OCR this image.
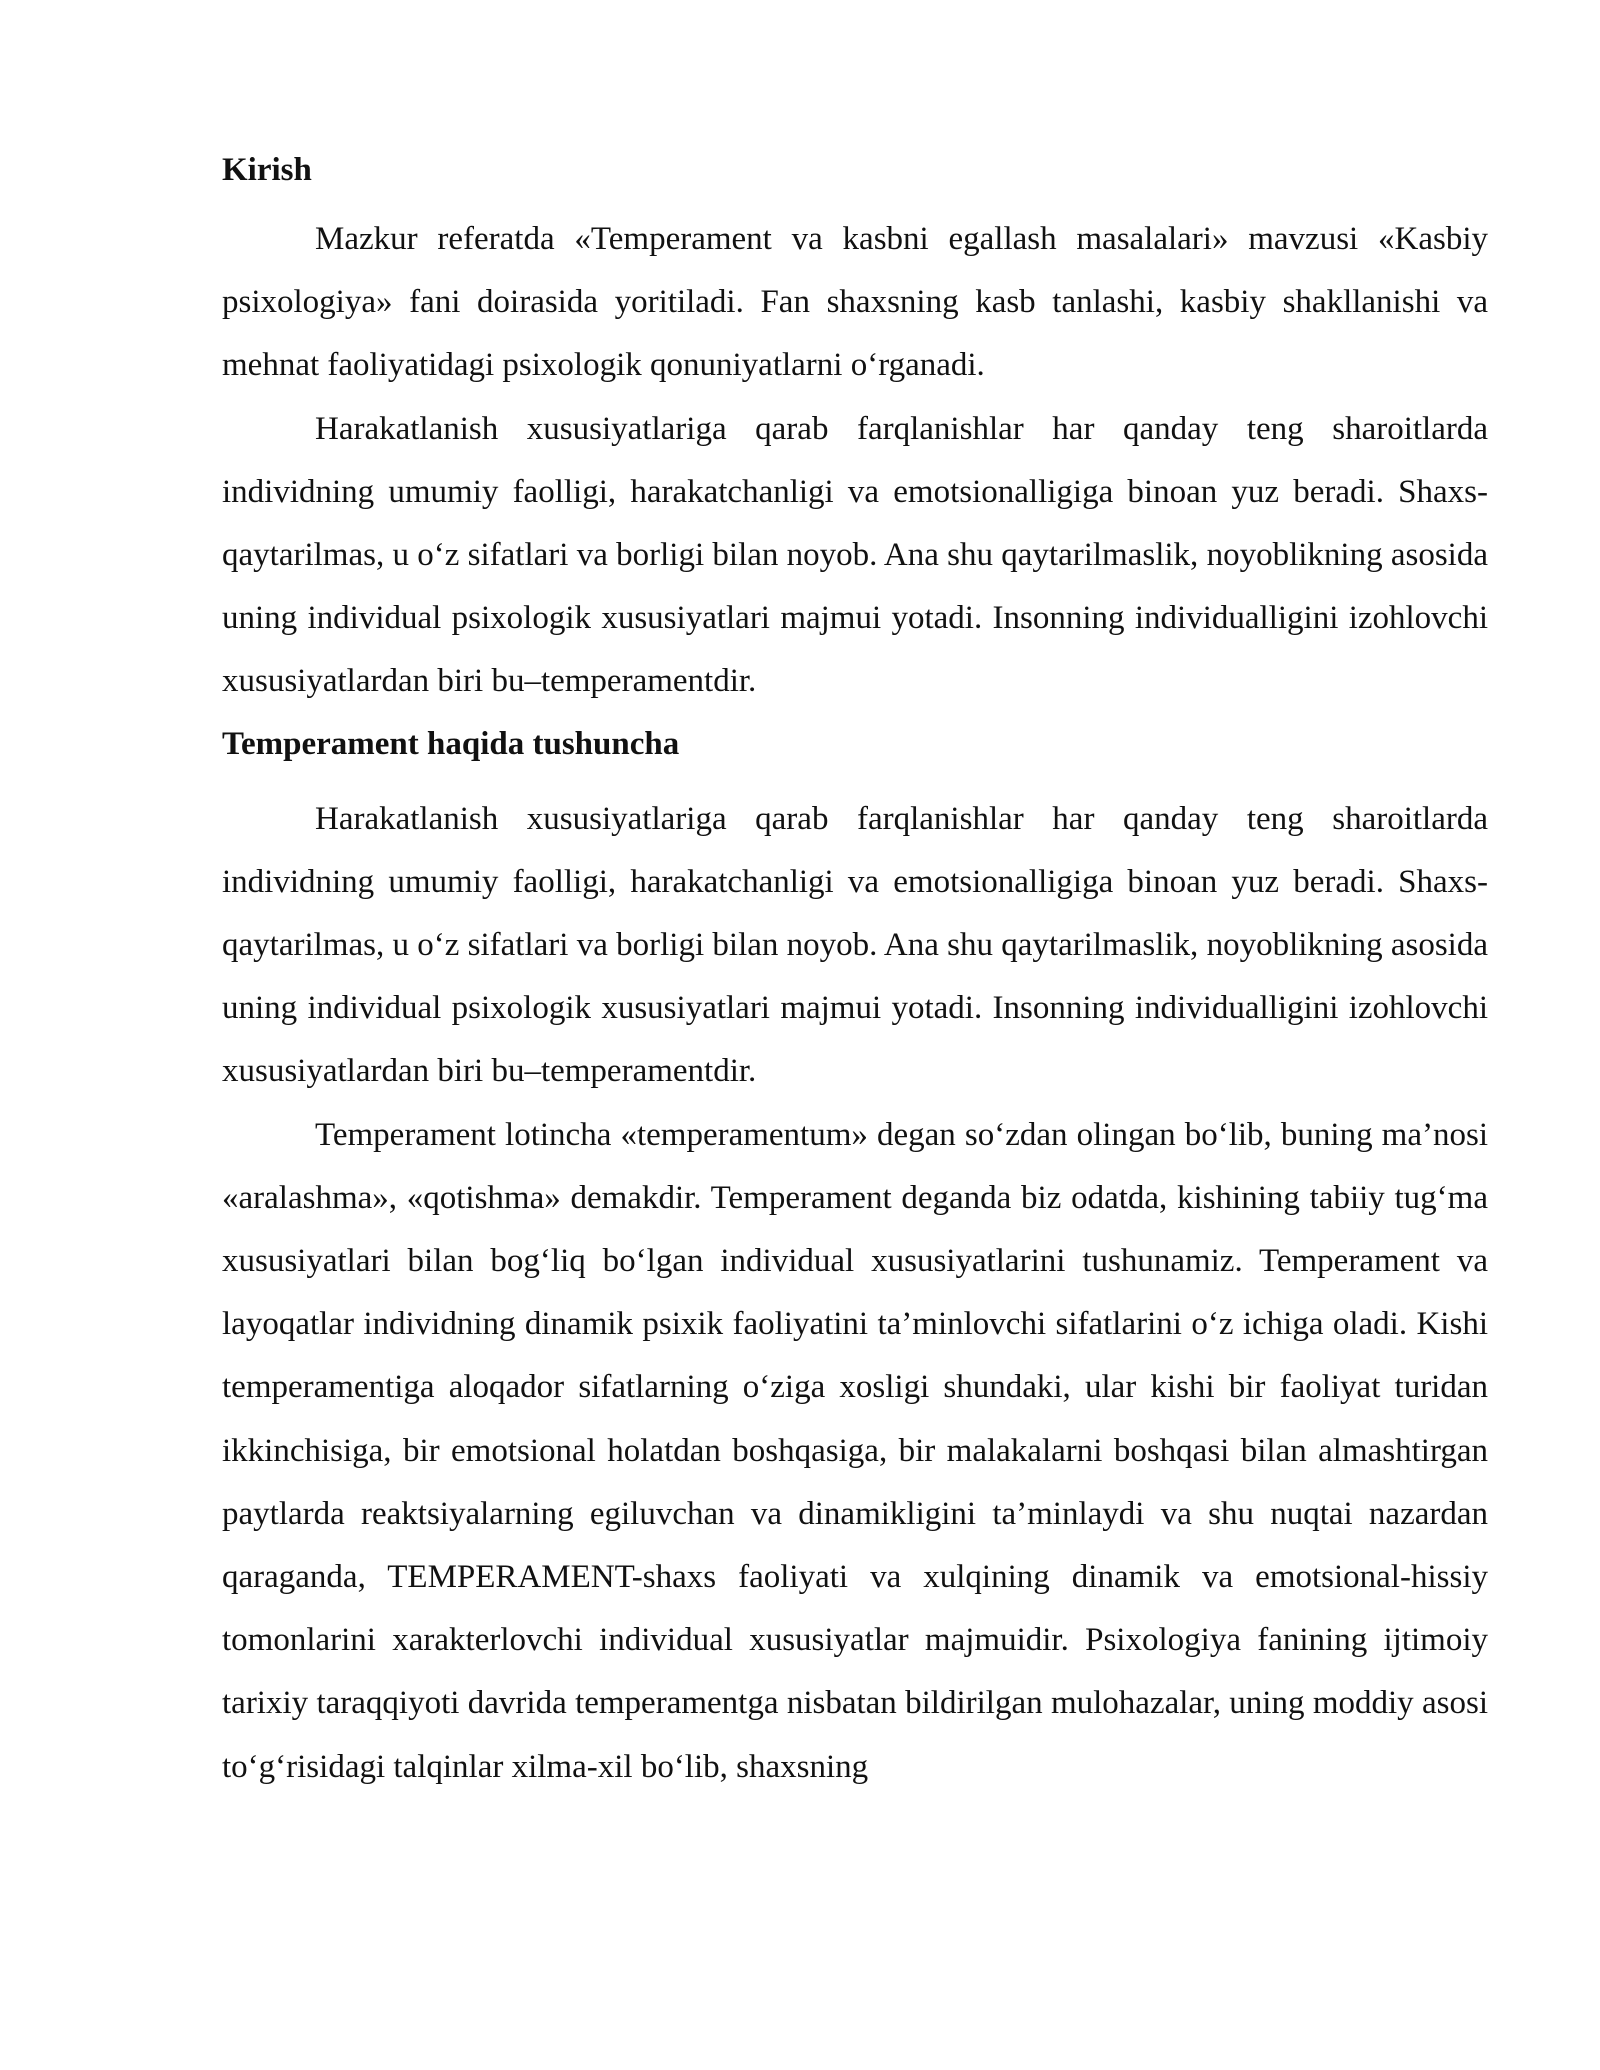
Kirish

Mazkur referatda «Temperament va kasbni egallash masalalari» mavzusi «Kasbiy psixologiya» fani doirasida yoritiladi. Fan shaxsning kasb tanlashi, kasbiy shakllanishi va mehnat faoliyatidagi psixologik qonuniyatlarni o‘rganadi.

Harakatlanish xususiyatlariga qarab farqlanishlar har qanday teng sharoitlarda individning umumiy faolligi, harakatchanligi va emotsionalligiga binoan yuz beradi. Shaxs-qaytarilmas, u o‘z sifatlari va borligi bilan noyob. Ana shu qaytarilmaslik, noyoblikning asosida uning individual psixologik xususiyatlari majmui yotadi. Insonning individualligini izohlovchi xususiyatlardan biri bu–temperamentdir.

Temperament haqida tushuncha

Harakatlanish xususiyatlariga qarab farqlanishlar har qanday teng sharoitlarda individning umumiy faolligi, harakatchanligi va emotsionalligiga binoan yuz beradi. Shaxs-qaytarilmas, u o‘z sifatlari va borligi bilan noyob. Ana shu qaytarilmaslik, noyoblikning asosida uning individual psixologik xususiyatlari majmui yotadi. Insonning individualligini izohlovchi xususiyatlardan biri bu–temperamentdir.

Temperament lotincha «temperamentum» degan so‘zdan olingan bo‘lib, buning ma’nosi «aralashma», «qotishma» demakdir. Temperament deganda biz odatda, kishining tabiiy tug‘ma xususiyatlari bilan bog‘liq bo‘lgan individual xususiyatlarini tushunamiz. Temperament va layoqatlar individning dinamik psixik faoliyatini ta’minlovchi sifatlarini o‘z ichiga oladi. Kishi temperamentiga aloqador sifatlarning o‘ziga xosligi shundaki, ular kishi bir faoliyat turidan ikkinchisiga, bir emotsional holatdan boshqasiga, bir malakalarni boshqasi bilan almashtirgan paytlarda reaktsiyalarning egiluvchan va dinamikligini ta’minlaydi va shu nuqtai nazardan qaraganda, TEMPERAMENT-shaxs faoliyati va xulqining dinamik va emotsional-hissiy tomonlarini xarakterlovchi individual xususiyatlar majmuidir. Psixologiya fanining ijtimoiy tarixiy taraqqiyoti davrida temperamentga nisbatan bildirilgan mulohazalar, uning moddiy asosi to‘g‘risidagi talqinlar xilma-xil bo‘lib, shaxsning
